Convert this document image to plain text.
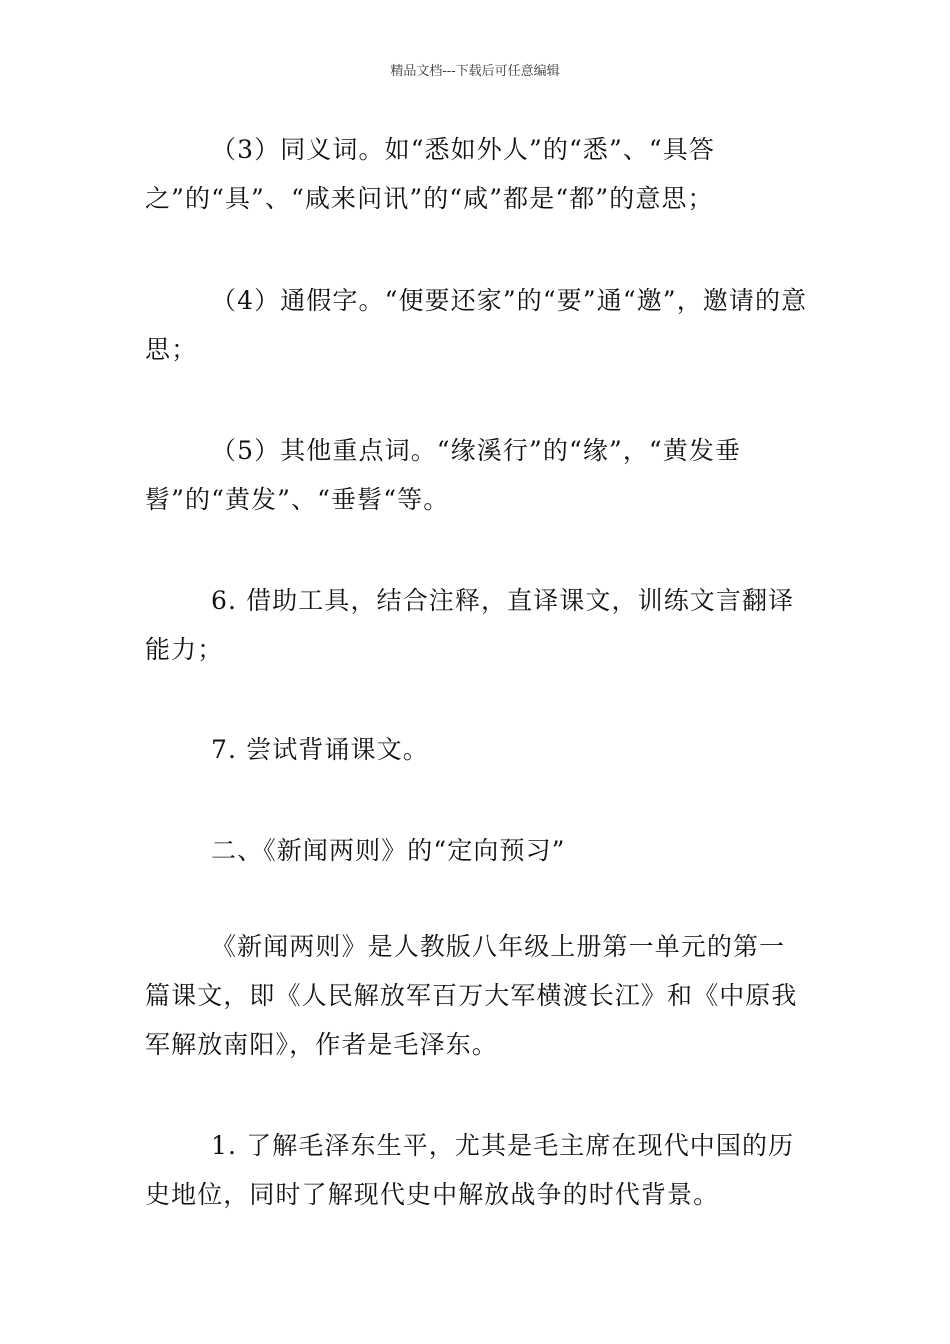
精品文档---下载后可任意编辑

（3）同义词。如“悉如外人”的“悉”、“具答之”的“具”、“咸来问讯”的“咸”都是“都”的意思；

（4）通假字。“便要还家”的“要”通“邀”，邀请的意思；

（5）其他重点词。“缘溪行”的“缘”，“黄发垂髫”的“黄发”、“垂髫“等。

6. 借助工具，结合注释，直译课文，训练文言翻译能力；

7. 尝试背诵课文。

二、《新闻两则》的“定向预习”

《新闻两则》是人教版八年级上册第一单元的第一篇课文，即《人民解放军百万大军横渡长江》和《中原我军解放南阳》，作者是毛泽东。

1. 了解毛泽东生平，尤其是毛主席在现代中国的历史地位，同时了解现代史中解放战争的时代背景。
